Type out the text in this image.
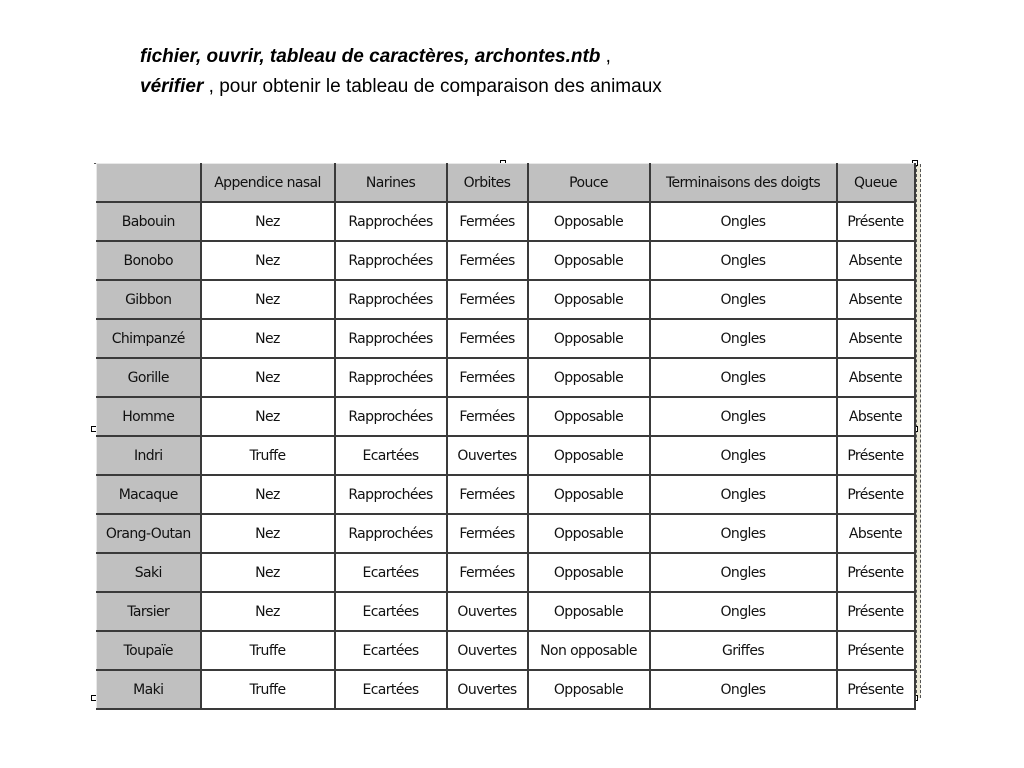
fichier, ouvrir, tableau de caractères, archontes.ntb ,
vérifier , pour obtenir le tableau de comparaison des animaux
	Appendice nasal	Narines	Orbites	Pouce	Terminaisons des doigts	Queue
Babouin	Nez	Rapprochées	Fermées	Opposable	Ongles	Présente
Bonobo	Nez	Rapprochées	Fermées	Opposable	Ongles	Absente
Gibbon	Nez	Rapprochées	Fermées	Opposable	Ongles	Absente
Chimpanzé	Nez	Rapprochées	Fermées	Opposable	Ongles	Absente
Gorille	Nez	Rapprochées	Fermées	Opposable	Ongles	Absente
Homme	Nez	Rapprochées	Fermées	Opposable	Ongles	Absente
Indri	Truffe	Ecartées	Ouvertes	Opposable	Ongles	Présente
Macaque	Nez	Rapprochées	Fermées	Opposable	Ongles	Présente
Orang-Outan	Nez	Rapprochées	Fermées	Opposable	Ongles	Absente
Saki	Nez	Ecartées	Fermées	Opposable	Ongles	Présente
Tarsier	Nez	Ecartées	Ouvertes	Opposable	Ongles	Présente
Toupaïe	Truffe	Ecartées	Ouvertes	Non opposable	Griffes	Présente
Maki	Truffe	Ecartées	Ouvertes	Opposable	Ongles	Présente
